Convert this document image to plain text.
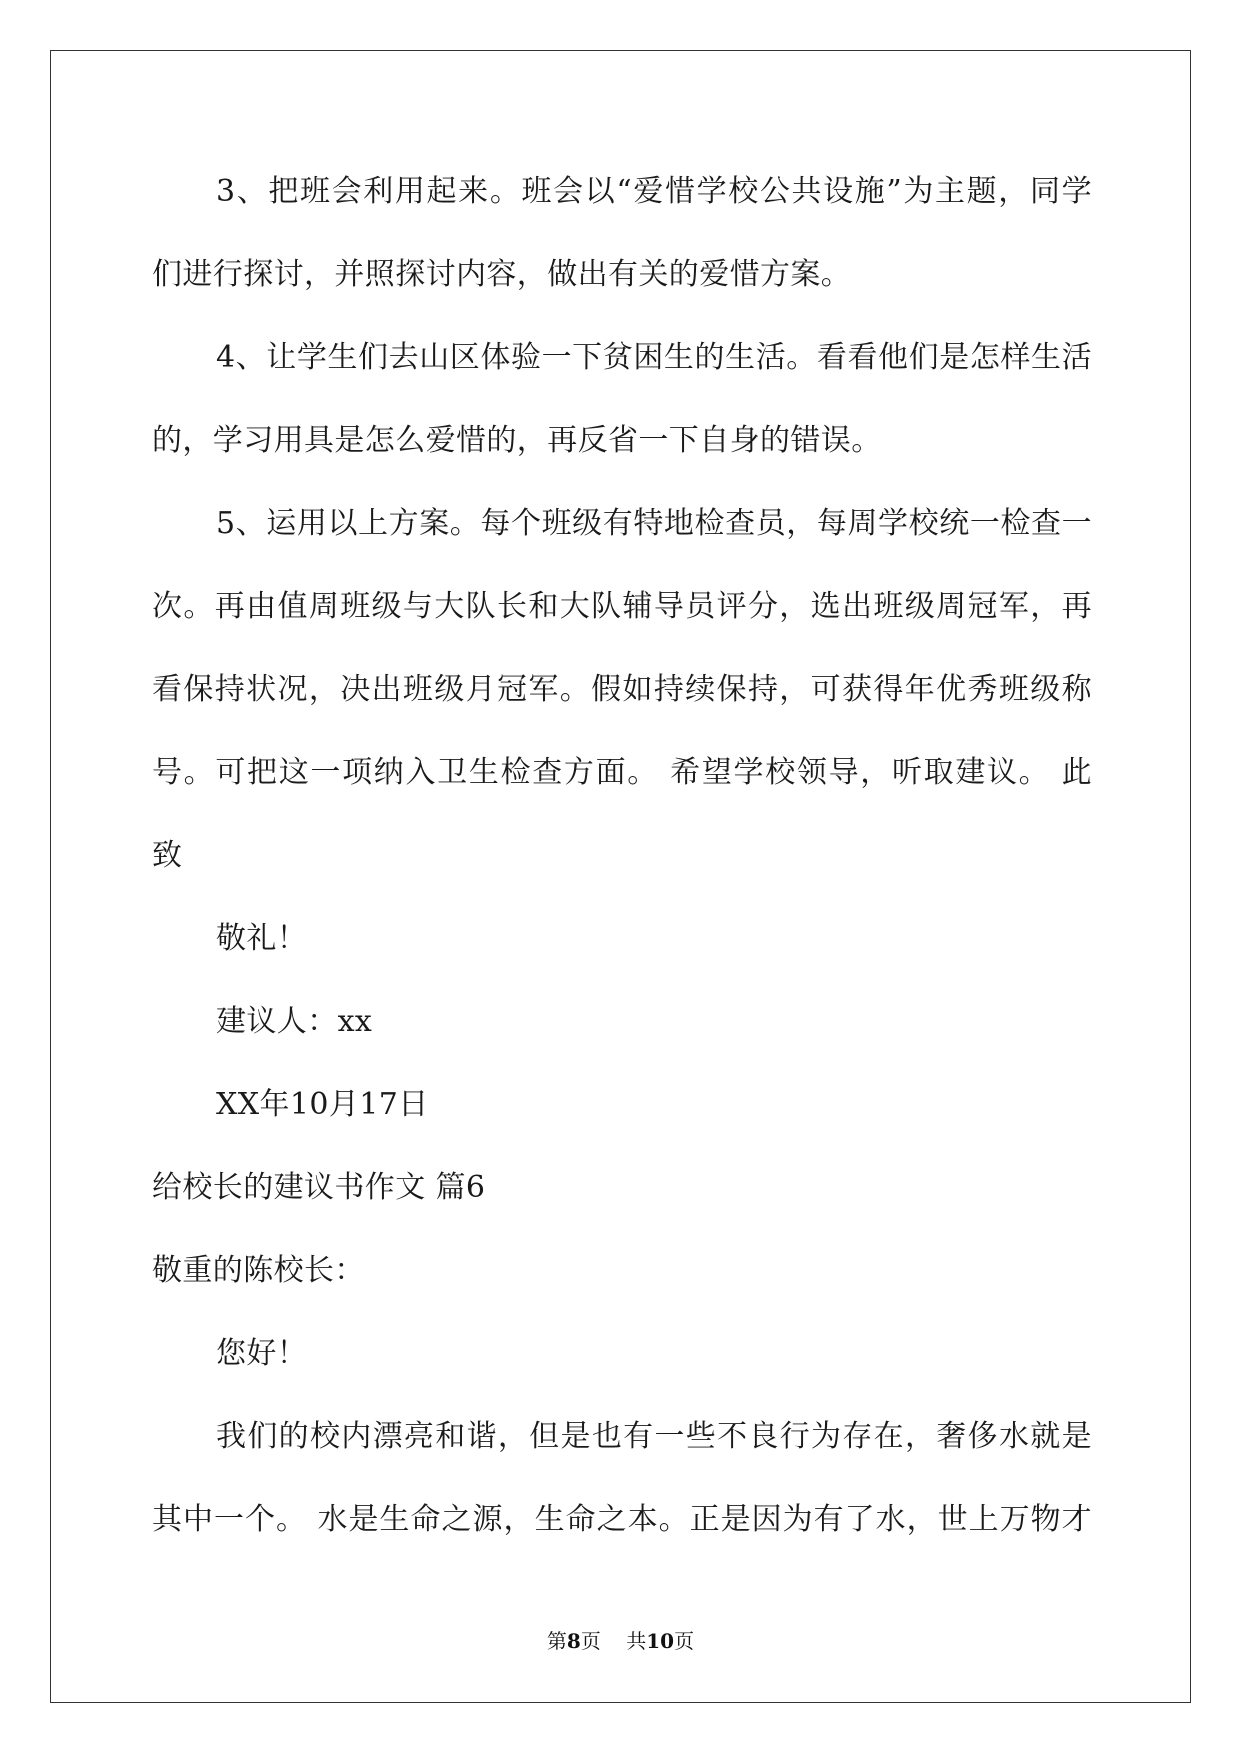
3、把班会利用起来。班会以“爱惜学校公共设施”为主题，同学
们进行探讨，并照探讨内容，做出有关的爱惜方案。
4、让学生们去山区体验一下贫困生的生活。看看他们是怎样生活
的，学习用具是怎么爱惜的，再反省一下自身的错误。
5、运用以上方案。每个班级有特地检查员，每周学校统一检查一
次。再由值周班级与大队长和大队辅导员评分，选出班级周冠军，再
看保持状况，决出班级月冠军。假如持续保持，可获得年优秀班级称
号。可把这一项纳入卫生检查方面。 希望学校领导，听取建议。 此
致
敬礼！
建议人：xx
XX年10月17日
给校长的建议书作文 篇6
敬重的陈校长：
您好！
我们的校内漂亮和谐，但是也有一些不良行为存在，奢侈水就是
其中一个。 水是生命之源，生命之本。正是因为有了水，世上万物才
第8页 共10页
